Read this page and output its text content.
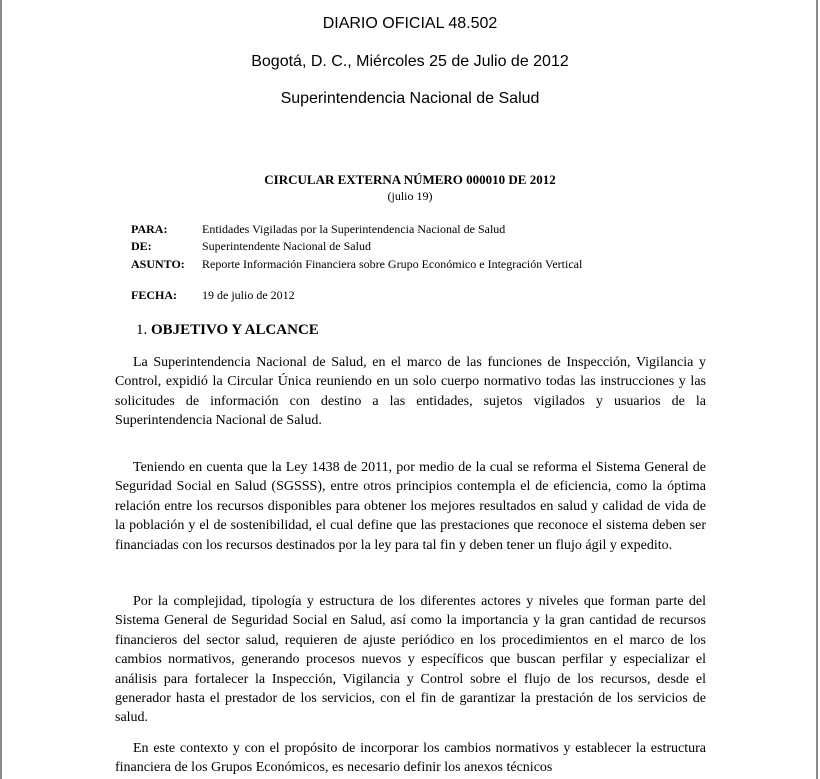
DIARIO OFICIAL 48.502
Bogotá, D. C., Miércoles 25 de Julio de 2012
Superintendencia Nacional de Salud
CIRCULAR EXTERNA NÚMERO 000010 DE 2012
(julio 19)
PARA:	Entidades Vigiladas por la Superintendencia Nacional de Salud
DE:	Superintendente Nacional de Salud
ASUNTO: Reporte Información Financiera sobre Grupo Económico e Integración Vertical
FECHA: 19 de julio de 2012
1. OBJETIVO Y ALCANCE

La Superintendencia Nacional de Salud, en el marco de las funciones de Inspección, Vigilancia y Control, expidió la Circular Única reuniendo en un solo cuerpo normativo todas las instrucciones y las solicitudes de información con destino a las entidades, sujetos vigilados y usuarios de la Superintendencia Nacional de Salud.

Teniendo en cuenta que la Ley 1438 de 2011, por medio de la cual se reforma el Sistema General de Seguridad Social en Salud (SGSSS), entre otros principios contempla el de eficiencia, como la óptima relación entre los recursos disponibles para obtener los mejores resultados en salud y calidad de vida de la población y el de sostenibilidad, el cual define que las prestaciones que reconoce el sistema deben ser financiadas con los recursos destinados por la ley para tal fin y deben tener un flujo ágil y expedito.

Por la complejidad, tipología y estructura de los diferentes actores y niveles que forman parte del Sistema General de Seguridad Social en Salud, así como la importancia y la gran cantidad de recursos financieros del sector salud, requieren de ajuste periódico en los procedimientos en el marco de los cambios normativos, generando procesos nuevos y específicos que buscan perfilar y especializar el análisis para fortalecer la Inspección, Vigilancia y Control sobre el flujo de los recursos, desde el generador hasta el prestador de los servicios, con el fin de garantizar la prestación de los servicios de salud.

En este contexto y con el propósito de incorporar los cambios normativos y establecer la estructura financiera de los Grupos Económicos, es necesario definir los anexos técnicos
